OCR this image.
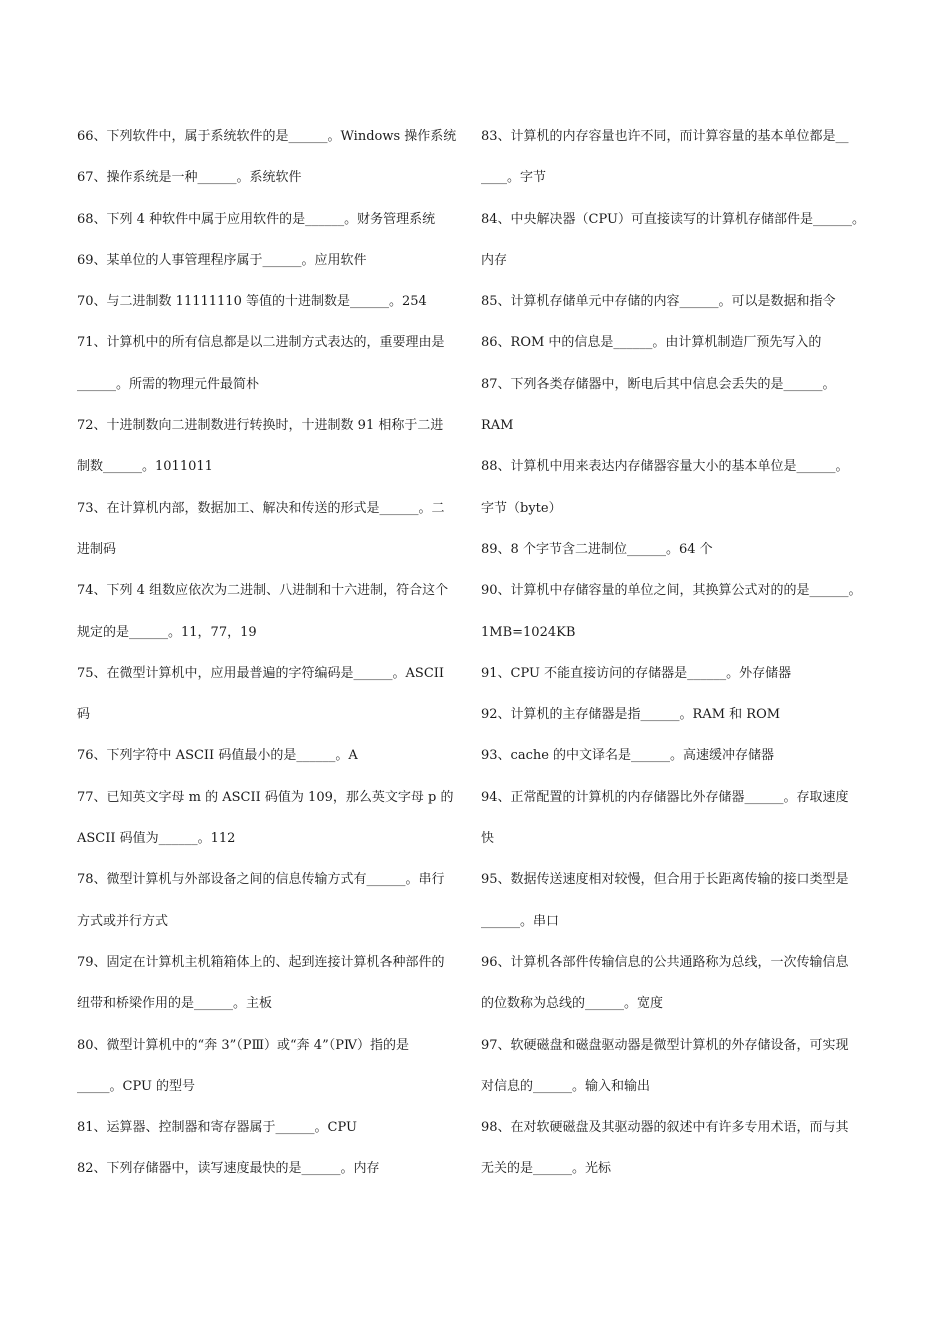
66、下列软件中，属于系统软件的是______。Windows 操作系统
67、操作系统是一种______。系统软件
68、下列 4 种软件中属于应用软件的是______。财务管理系统
69、某单位的人事管理程序属于______。应用软件
70、与二进制数 11111110 等值的十进制数是______。254
71、计算机中的所有信息都是以二进制方式表达的，重要理由是
______。所需的物理元件最简朴
72、十进制数向二进制数进行转换时，十进制数 91 相称于二进
制数______。1011011
73、在计算机内部，数据加工、解决和传送的形式是______。二
进制码
74、下列 4 组数应依次为二进制、八进制和十六进制，符合这个
规定的是______。11，77，19
75、在微型计算机中，应用最普遍的字符编码是______。ASCII
码
76、下列字符中 ASCII 码值最小的是______。A
77、已知英文字母 m 的 ASCII 码值为 109，那么英文字母 p 的
ASCII 码值为______。112
78、微型计算机与外部设备之间的信息传输方式有______。串行
方式或并行方式
79、固定在计算机主机箱箱体上的、起到连接计算机各种部件的
纽带和桥梁作用的是______。主板
80、微型计算机中的“奔 3”（PⅢ）或“奔 4”（PⅣ）指的是
_____。CPU 的型号
81、运算器、控制器和寄存器属于______。CPU
82、下列存储器中，读写速度最快的是______。内存
83、计算机的内存容量也许不同，而计算容量的基本单位都是__
____。字节
84、中央解决器（CPU）可直接读写的计算机存储部件是______。
内存
85、计算机存储单元中存储的内容______。可以是数据和指令
86、ROM 中的信息是______。由计算机制造厂预先写入的
87、下列各类存储器中，断电后其中信息会丢失的是______。
RAM
88、计算机中用来表达内存储器容量大小的基本单位是______。
字节（byte）
89、8 个字节含二进制位______。64 个
90、计算机中存储容量的单位之间，其换算公式对的的是______。
1MB=1024KB
91、CPU 不能直接访问的存储器是______。外存储器
92、计算机的主存储器是指______。RAM 和 ROM
93、cache 的中文译名是______。高速缓冲存储器
94、正常配置的计算机的内存储器比外存储器______。存取速度
快
95、数据传送速度相对较慢，但合用于长距离传输的接口类型是
______。串口
96、计算机各部件传输信息的公共通路称为总线，一次传输信息
的位数称为总线的______。宽度
97、软硬磁盘和磁盘驱动器是微型计算机的外存储设备，可实现
对信息的______。输入和输出
98、在对软硬磁盘及其驱动器的叙述中有许多专用术语，而与其
无关的是______。光标
